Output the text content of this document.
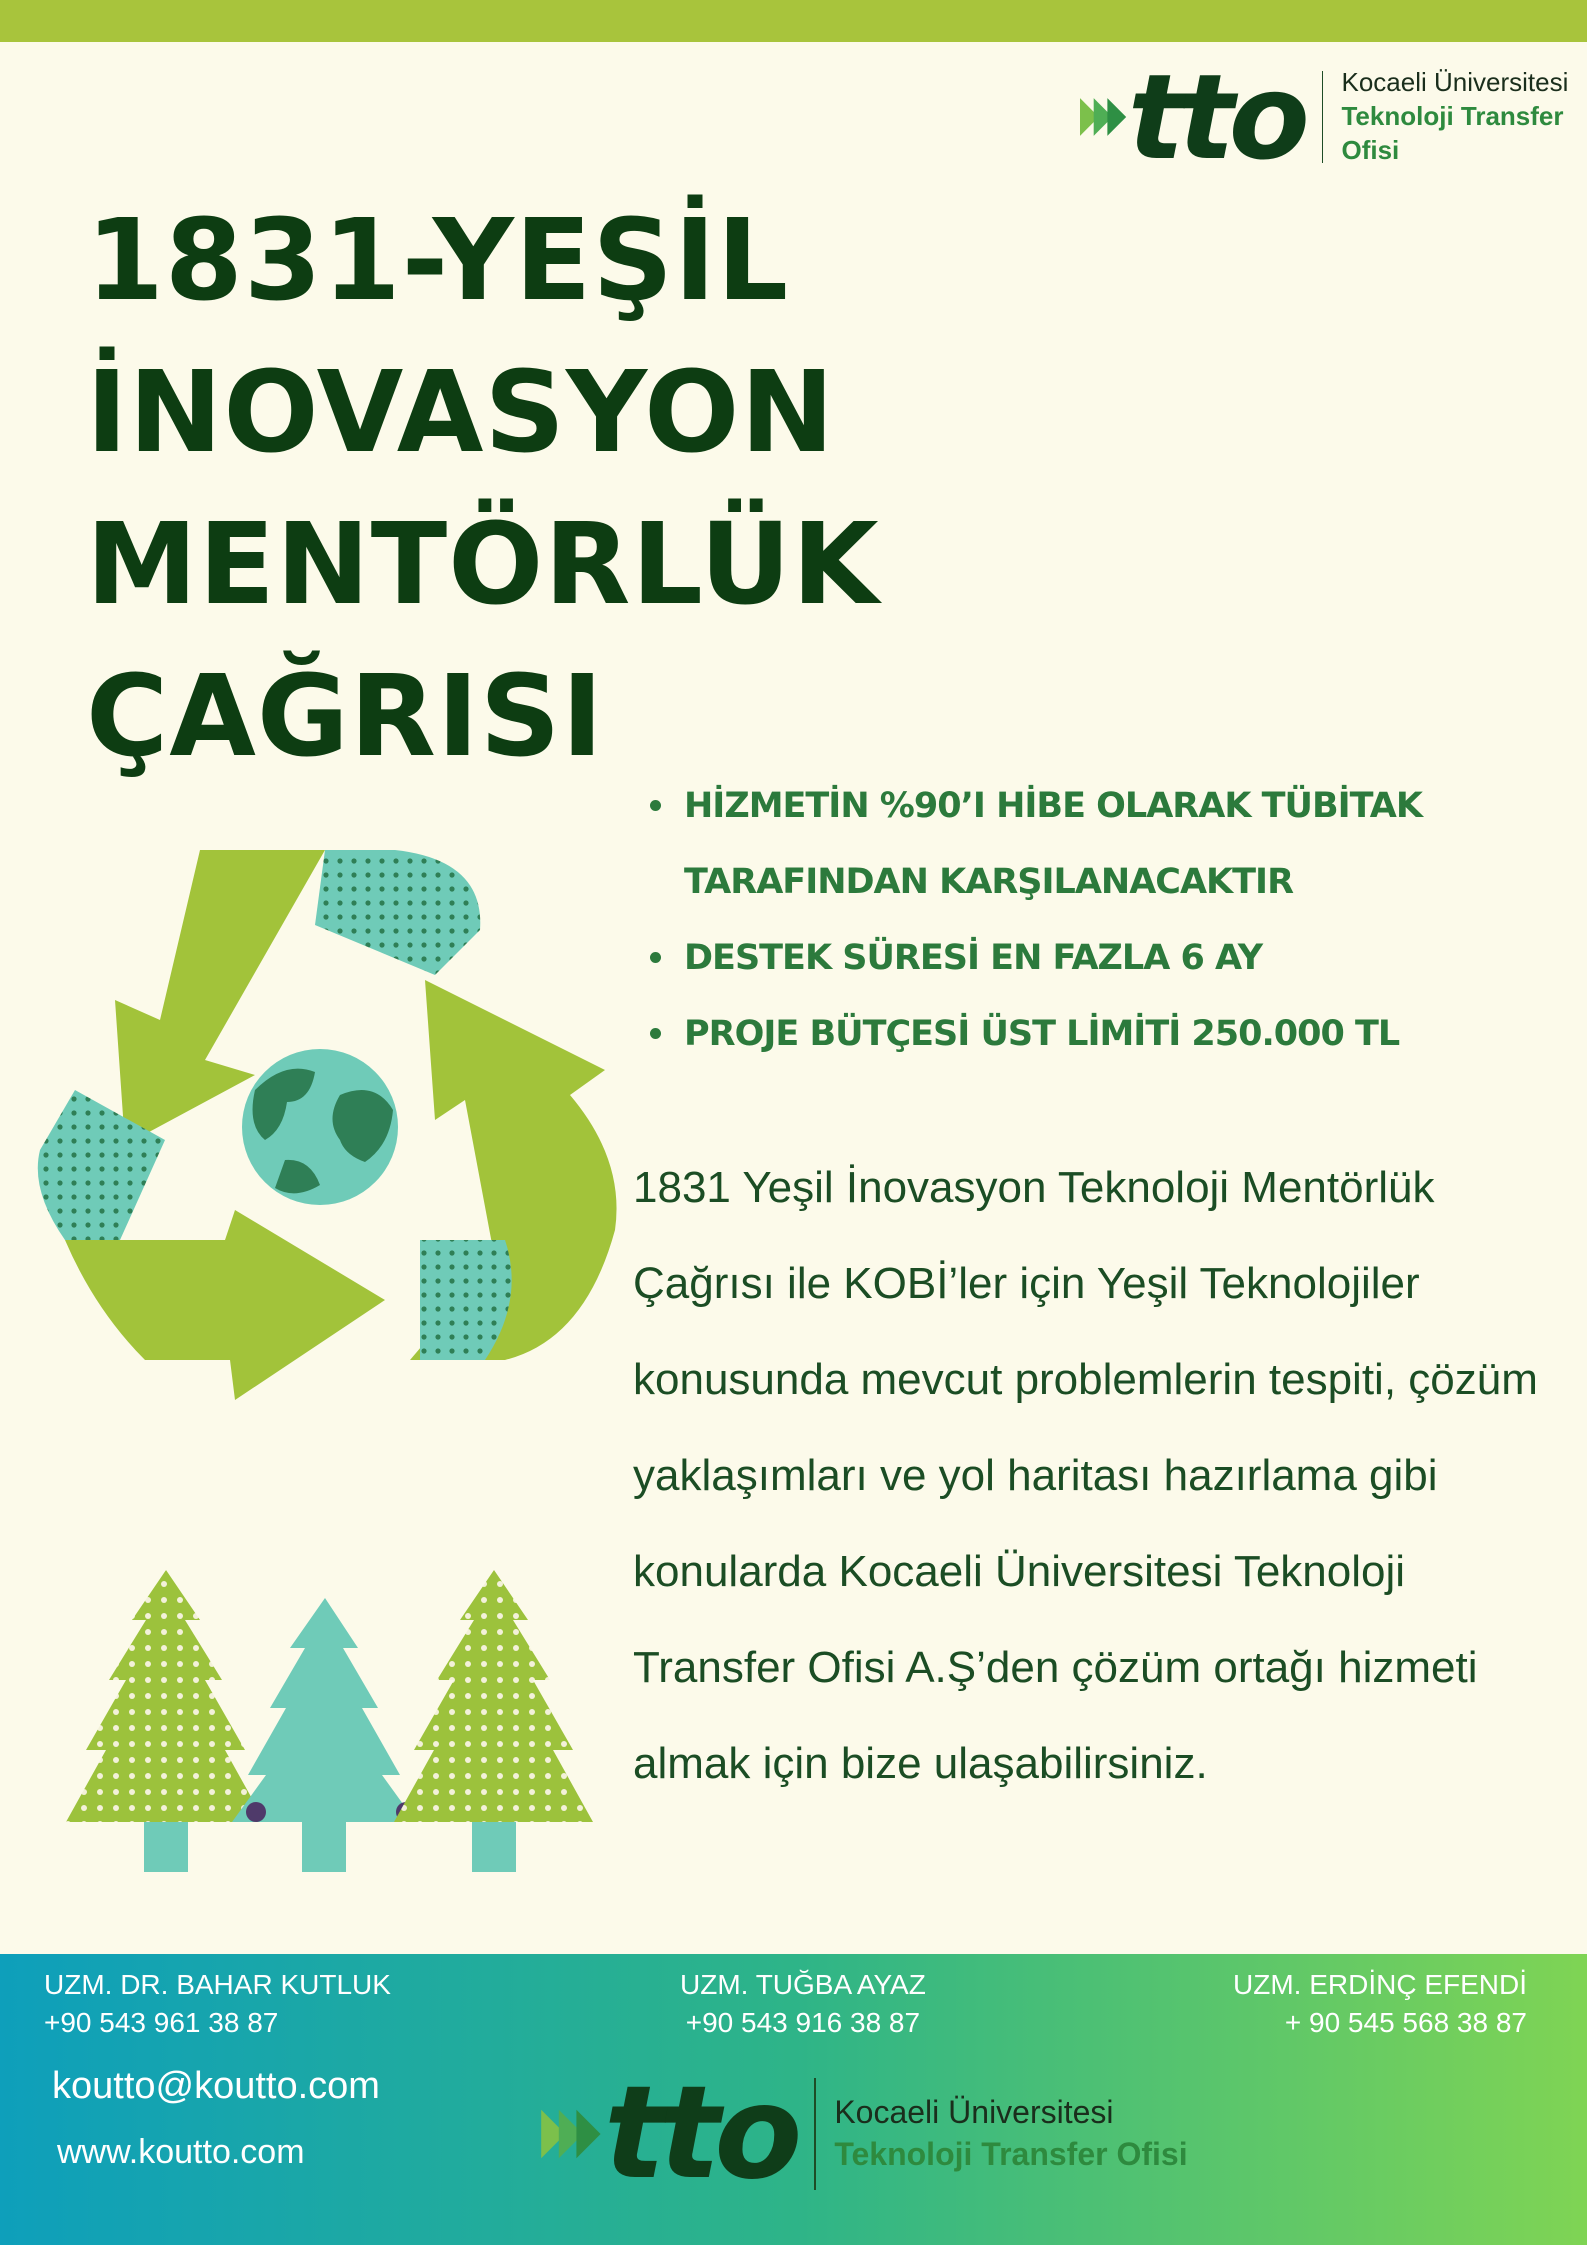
tto Kocaeli Üniversitesi
Teknoloji Transfer Ofisi
1831-YEŞİL
İNOVASYON
MENTÖRLÜK
ÇAĞRISI
HİZMETİN %90’I HİBE OLARAK TÜBİTAK TARAFINDAN KARŞILANACAKTIR
DESTEK SÜRESİ EN FAZLA 6 AY
PROJE BÜTÇESİ ÜST LİMİTİ 250.000 TL

1831 Yeşil İnovasyon Teknoloji Mentörlük Çağrısı ile KOBİ’ler için Yeşil Teknolojiler konusunda mevcut problemlerin tespiti, çözüm yaklaşımları ve yol haritası hazırlama gibi konularda Kocaeli Üniversitesi Teknoloji Transfer Ofisi A.Ş’den çözüm ortağı hizmeti almak için bize ulaşabilirsiniz.

UZM. DR. BAHAR KUTLUK
+90 543 961 38 87
UZM. TUĞBA AYAZ
+90 543 916 38 87
UZM. ERDİNÇ EFENDİ
+ 90 545 568 38 87
koutto@koutto.com
www.koutto.com tto Kocaeli Üniversitesi
Teknoloji Transfer Ofisi
